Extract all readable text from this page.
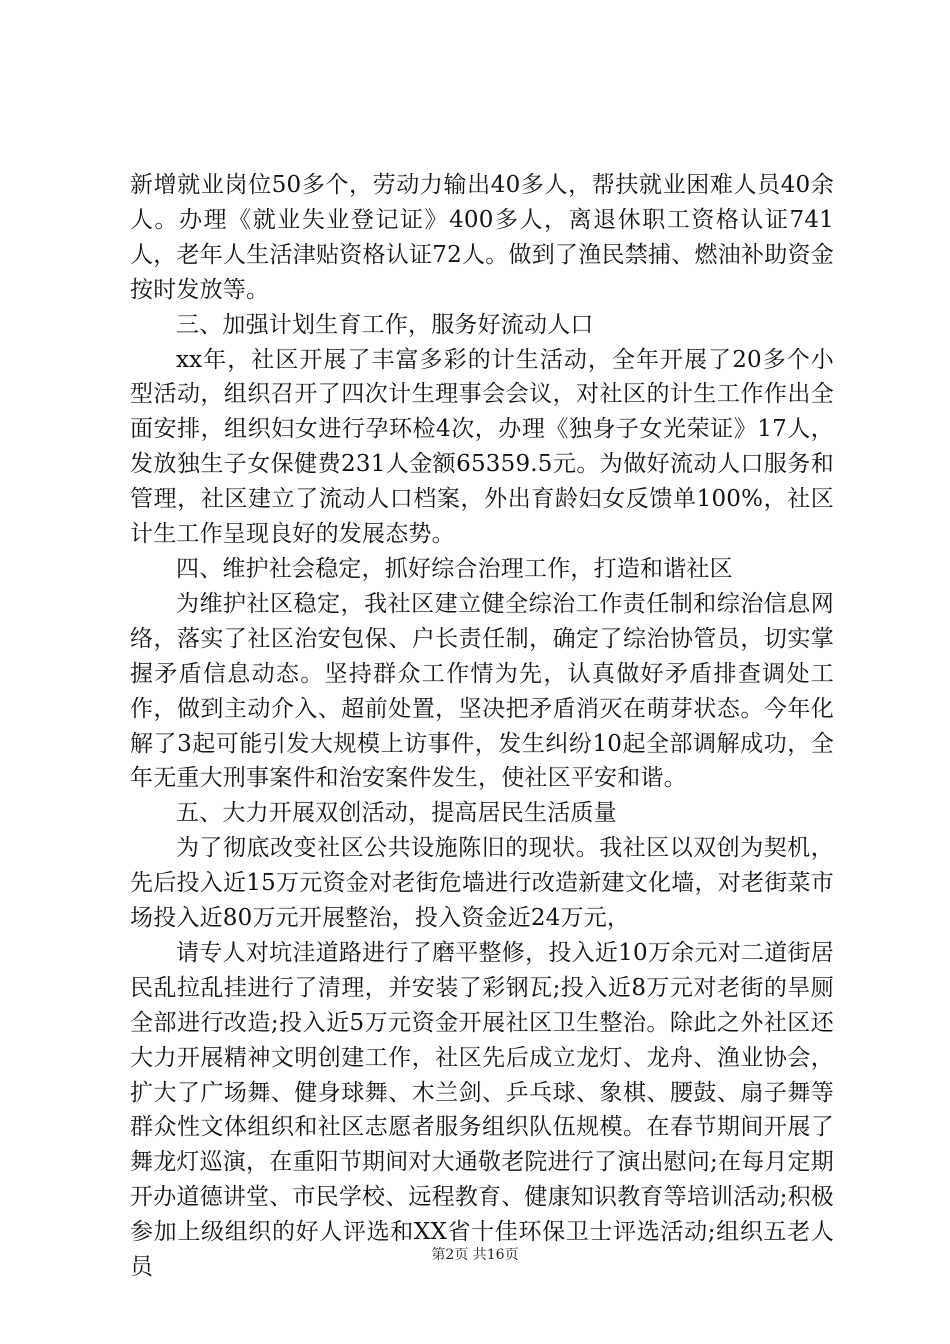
新增就业岗位50多个，劳动力输出40多人，帮扶就业困难人员40余人。办理《就业失业登记证》400多人，离退休职工资格认证741人，老年人生活津贴资格认证72人。做到了渔民禁捕、燃油补助资金按时发放等。

三、加强计划生育工作，服务好流动人口

xx年，社区开展了丰富多彩的计生活动，全年开展了20多个小型活动，组织召开了四次计生理事会会议，对社区的计生工作作出全面安排，组织妇女进行孕环检4次，办理《独身子女光荣证》17人，发放独生子女保健费231人金额65359.5元。为做好流动人口服务和管理，社区建立了流动人口档案，外出育龄妇女反馈单100%，社区计生工作呈现良好的发展态势。

四、维护社会稳定，抓好综合治理工作，打造和谐社区

为维护社区稳定，我社区建立健全综治工作责任制和综治信息网络，落实了社区治安包保、户长责任制，确定了综治协管员，切实掌握矛盾信息动态。坚持群众工作情为先，认真做好矛盾排查调处工作，做到主动介入、超前处置，坚决把矛盾消灭在萌芽状态。今年化解了3起可能引发大规模上访事件，发生纠纷10起全部调解成功，全年无重大刑事案件和治安案件发生，使社区平安和谐。

五、大力开展双创活动，提高居民生活质量

为了彻底改变社区公共设施陈旧的现状。我社区以双创为契机，先后投入近15万元资金对老街危墙进行改造新建文化墙，对老街菜市场投入近80万元开展整治，投入资金近24万元，

请专人对坑洼道路进行了磨平整修，投入近10万余元对二道街居民乱拉乱挂进行了清理，并安装了彩钢瓦;投入近8万元对老街的旱厕全部进行改造;投入近5万元资金开展社区卫生整治。除此之外社区还大力开展精神文明创建工作，社区先后成立龙灯、龙舟、渔业协会，扩大了广场舞、健身球舞、木兰剑、乒乓球、象棋、腰鼓、扇子舞等群众性文体组织和社区志愿者服务组织队伍规模。在春节期间开展了舞龙灯巡演，在重阳节期间对大通敬老院进行了演出慰问;在每月定期开办道德讲堂、市民学校、远程教育、健康知识教育等培训活动;积极参加上级组织的好人评选和XX省十佳环保卫士评选活动;组织五老人员	第2页 共16页
